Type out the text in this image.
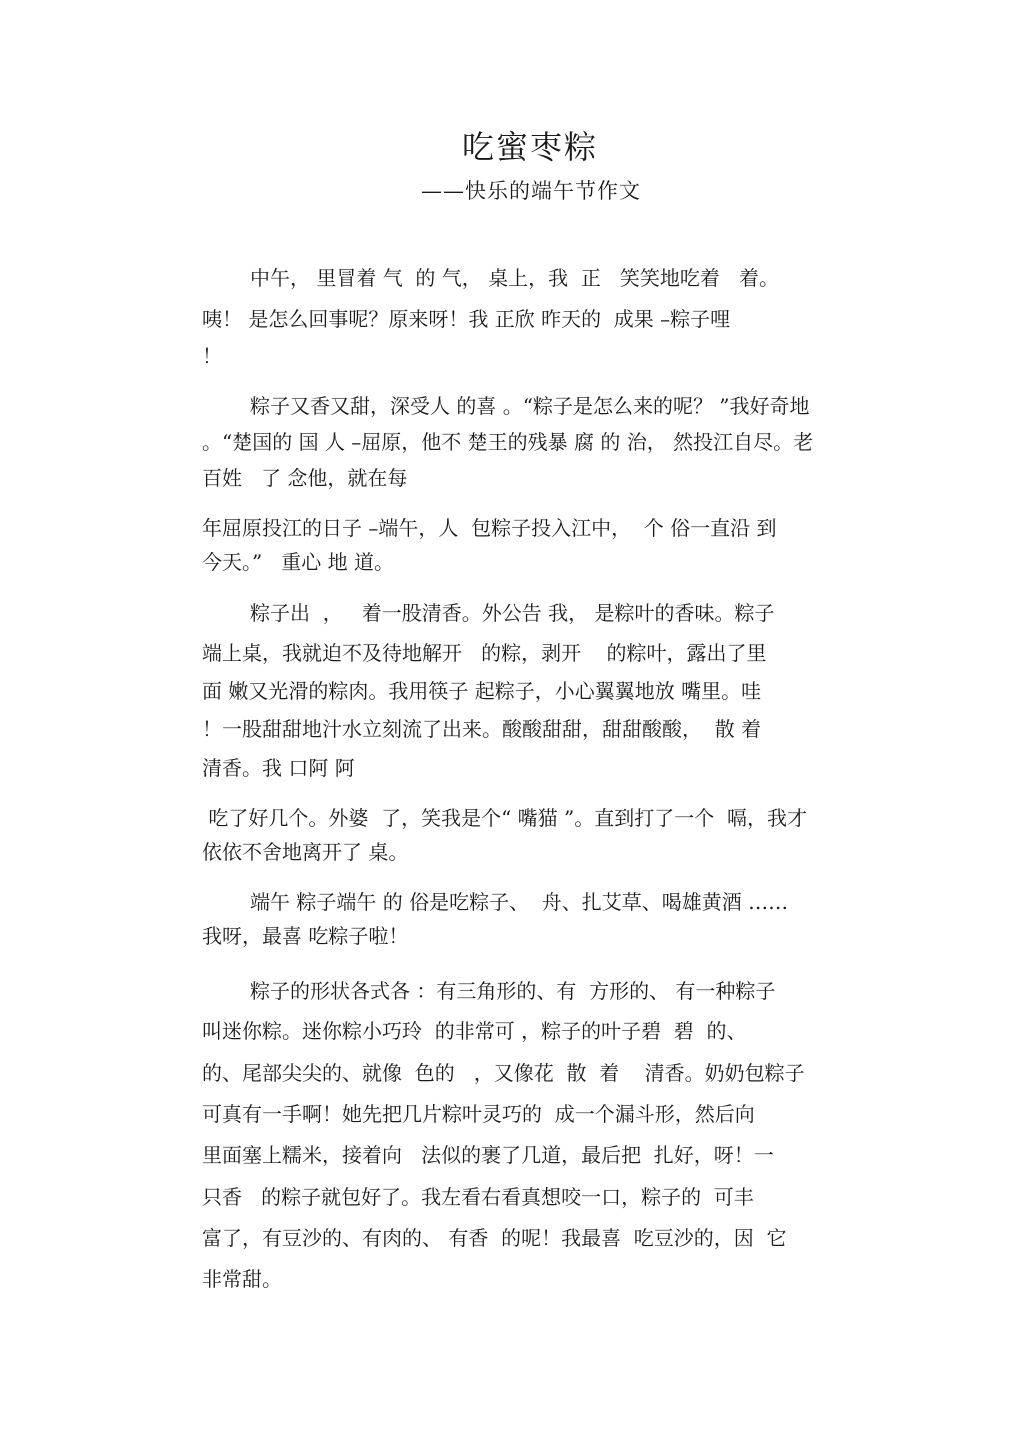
吃蜜枣粽
——快乐的端午节作文
中午， 里冒着 气  的 气， 桌上，我  正   笑笑地吃着   着。
咦！ 是怎么回事呢？原来呀！我 正欣 昨天的  成果 –粽子哩
！
粽子又香又甜，深受人 的喜 。“粽子是怎么来的呢？ ”我好奇地
。“楚国的 国 人 –屈原，他不 楚王的残暴 腐 的 治， 然投江自尽。老
百姓   了 念他，就在每
年屈原投江的日子 –端午，人  包粽子投入江中，  个 俗一直沿 到
今天。”   重心 地 道。
粽子出  ，   着一股清香。外公告 我， 是粽叶的香味。粽子
端上桌，我就迫不及待地解开   的粽，剥开    的粽叶，露出了里
面 嫩又光滑的粽肉。我用筷子 起粽子，小心翼翼地放 嘴里。哇
！一股甜甜地汁水立刻流了出来。酸酸甜甜，甜甜酸酸，  散 着
清香。我 口阿 阿
吃了好几个。外婆  了，笑我是个“ 嘴猫 ”。直到打了一个  嗝，我才
依依不舍地离开了 桌。
端午 粽子端午 的 俗是吃粽子、  舟、扎艾草、喝雄黄酒 ……
我呀，最喜 吃粽子啦！
粽子的形状各式各 ：有三角形的、有  方形的、 有一种粽子
叫迷你粽。迷你粽小巧玲  的非常可 ，粽子的叶子碧  碧  的、
的、尾部尖尖的、就像  色的   ，又像花  散  着    清香。奶奶包粽子
可真有一手啊！她先把几片粽叶灵巧的  成一个漏斗形，然后向
里面塞上糯米，接着向   法似的裹了几道，最后把  扎好，呀！一
只香   的粽子就包好了。我左看右看真想咬一口，粽子的  可丰
富了，有豆沙的、有肉的、 有香  的呢！我最喜  吃豆沙的，因  它
非常甜。
